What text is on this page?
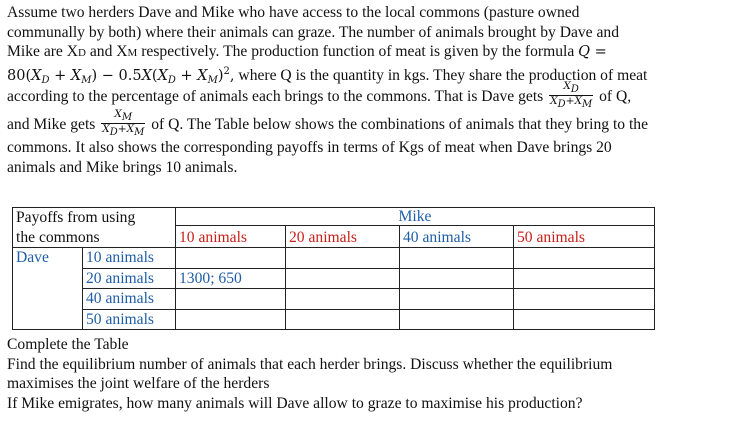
Assume two herders Dave and Mike who have access to the local commons (pasture owned
communally by both) where their animals can graze. The number of animals brought by Dave and
Mike are XD and XM respectively. The production function of meat is given by the formula Q =
$80(X_D + X_M) - 0.5X(X_D + X_M)^2$, where Q is the quantity in kgs. They share the production of meat
according to the percentage of animals each brings to the commons. That is Dave gets $\frac{X_D}{X_D+X_M}$ of Q,
and Mike gets $\frac{X_M}{X_D+X_M}$ of Q. The Table below shows the combinations of animals that they bring to the
commons. It also shows the corresponding payoffs in terms of Kgs of meat when Dave brings 20
animals and Mike brings 10 animals.
Payoffs from using
the commons		Mike			
		10 animals	20 animals	40 animals	50 animals
Dave	10 animals				
	20 animals	1300; 650			
	40 animals				
	50 animals				
Complete the Table
Find the equilibrium number of animals that each herder brings. Discuss whether the equilibrium
maximises the joint welfare of the herders
If Mike emigrates, how many animals will Dave allow to graze to maximise his production?
